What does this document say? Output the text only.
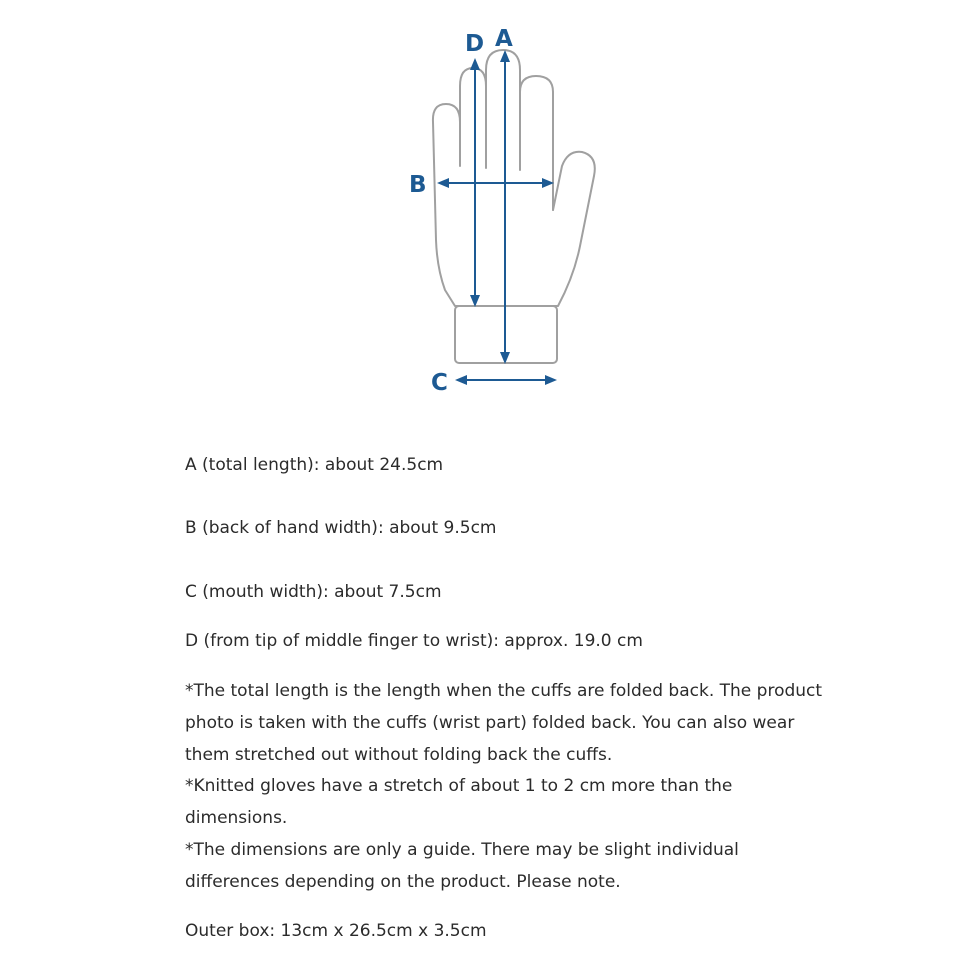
D A
B
C
A (total length): about 24.5cm
B (back of hand width): about 9.5cm
C (mouth width): about 7.5cm
D (from tip of middle finger to wrist): approx. 19.0 cm

*The total length is the length when the cuffs are folded back. The product photo is taken with the cuffs (wrist part) folded back. You can also wear them stretched out without folding back the cuffs.

*Knitted gloves have a stretch of about 1 to 2 cm more than the dimensions.

*The dimensions are only a guide. There may be slight individual differences depending on the product. Please note.

Outer box: 13cm x 26.5cm x 3.5cm
